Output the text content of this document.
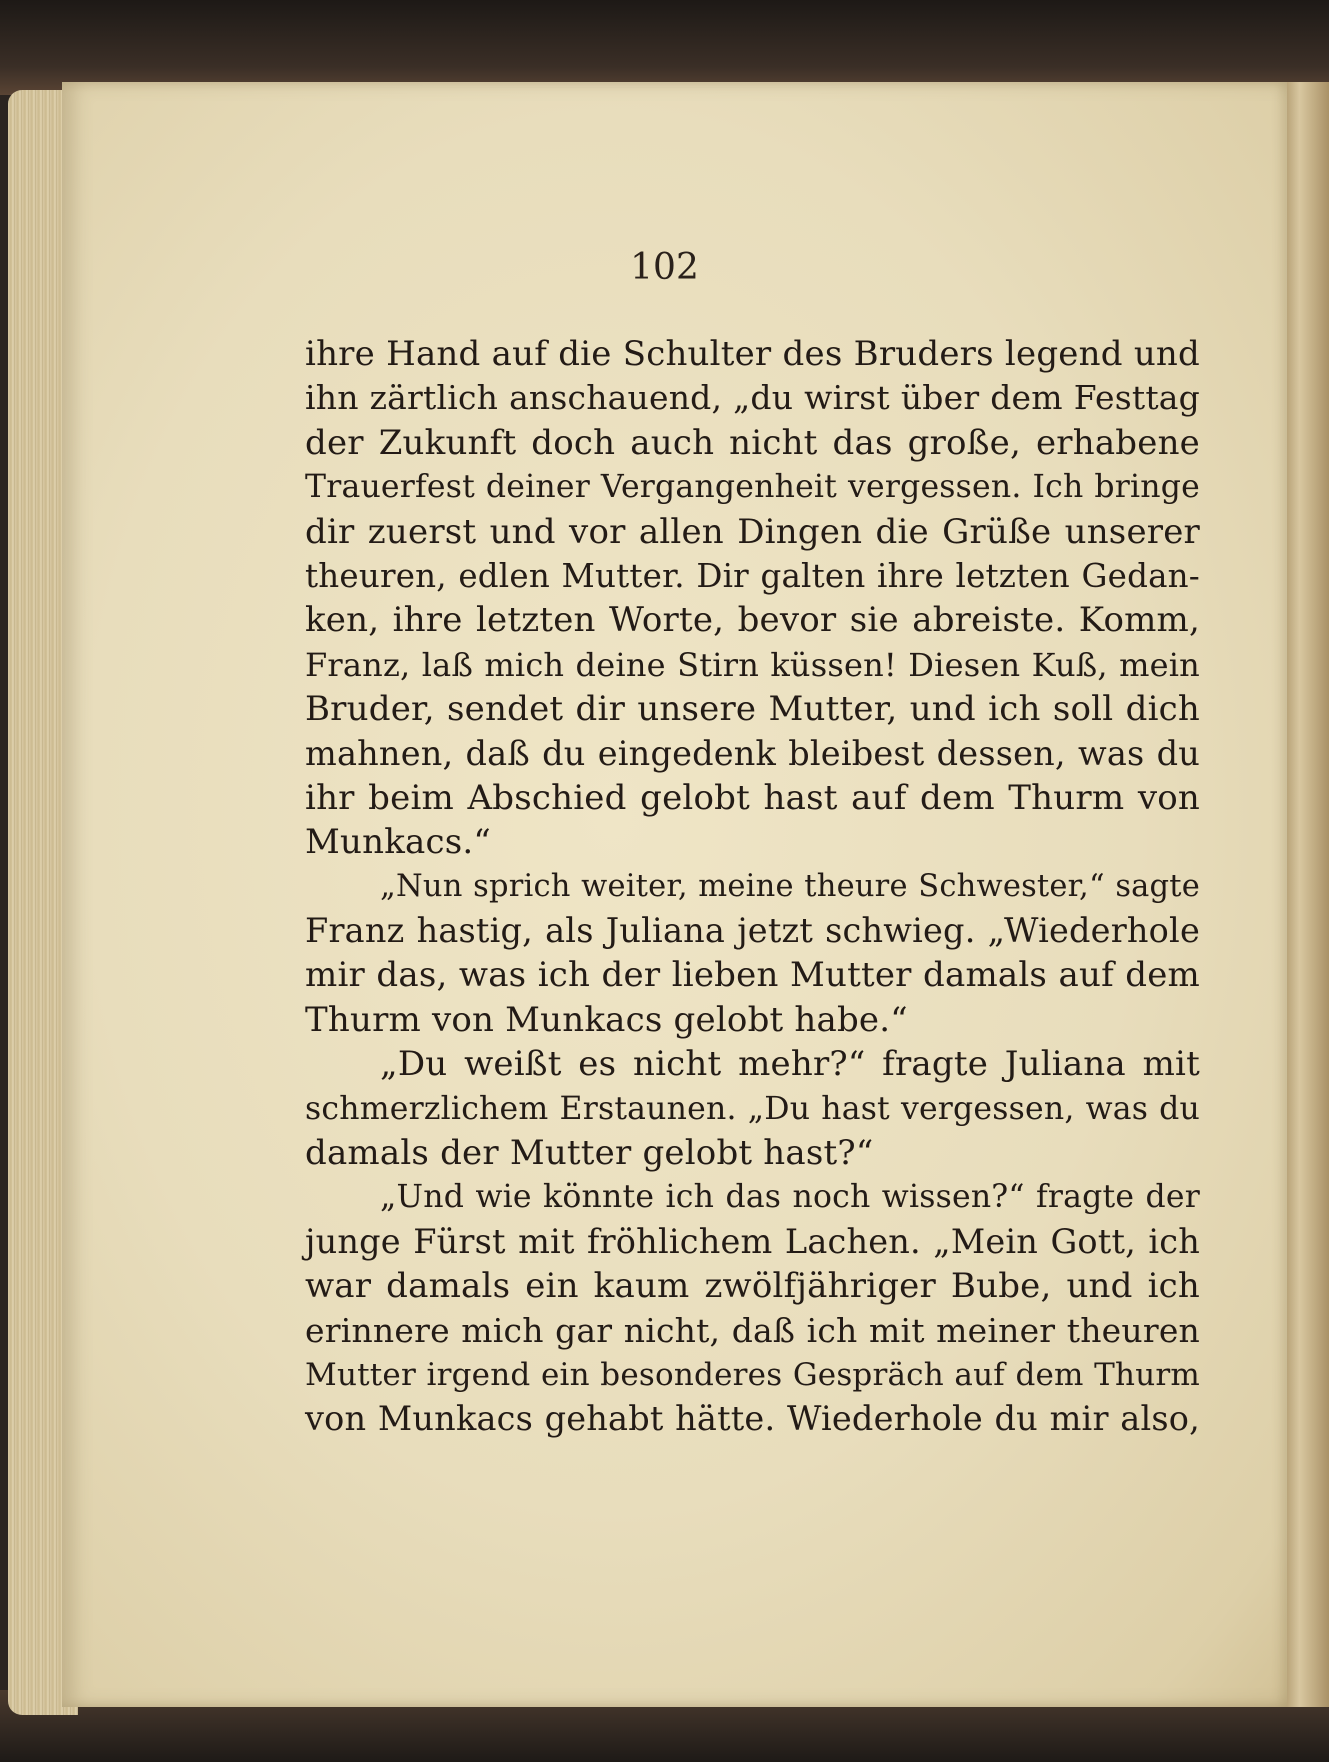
102
ihre Hand auf die Schulter des Bruders legend und
ihn zärtlich anschauend, „du wirst über dem Festtag
der Zukunft doch auch nicht das große, erhabene
Trauerfest deiner Vergangenheit vergessen. Ich bringe
dir zuerst und vor allen Dingen die Grüße unserer
theuren, edlen Mutter. Dir galten ihre letzten Gedan-
ken, ihre letzten Worte, bevor sie abreiste. Komm,
Franz, laß mich deine Stirn küssen! Diesen Kuß, mein
Bruder, sendet dir unsere Mutter, und ich soll dich
mahnen, daß du eingedenk bleibest dessen, was du
ihr beim Abschied gelobt hast auf dem Thurm von
Munkacs.“
„Nun sprich weiter, meine theure Schwester,“ sagte
Franz hastig, als Juliana jetzt schwieg. „Wiederhole
mir das, was ich der lieben Mutter damals auf dem
Thurm von Munkacs gelobt habe.“
„Du weißt es nicht mehr?“ fragte Juliana mit
schmerzlichem Erstaunen. „Du hast vergessen, was du
damals der Mutter gelobt hast?“
„Und wie könnte ich das noch wissen?“ fragte der
junge Fürst mit fröhlichem Lachen. „Mein Gott, ich
war damals ein kaum zwölfjähriger Bube, und ich
erinnere mich gar nicht, daß ich mit meiner theuren
Mutter irgend ein besonderes Gespräch auf dem Thurm
von Munkacs gehabt hätte. Wiederhole du mir also,
